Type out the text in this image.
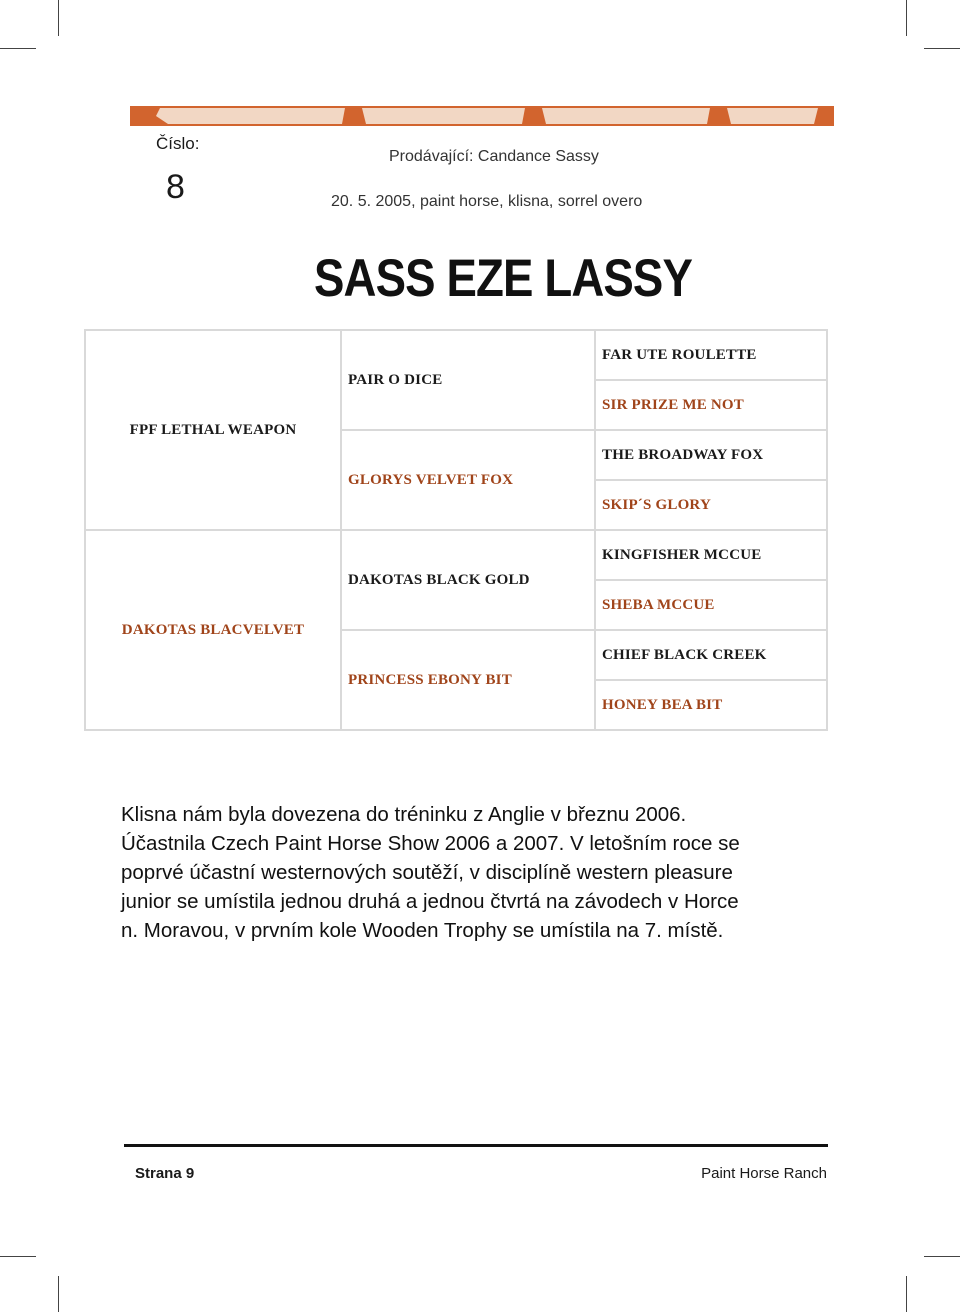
Číslo:
8
Prodávající: Candance Sassy
20. 5. 2005, paint horse, klisna, sorrel overo
SASS EZE LASSY
FPF LETHAL WEAPON	PAIR O DICE	FAR UTE ROULETTE
		SIR PRIZE ME NOT
	GLORYS VELVET FOX	THE BROADWAY FOX
		SKIP´S GLORY
DAKOTAS BLACVELVET	DAKOTAS BLACK GOLD	KINGFISHER MCCUE
		SHEBA MCCUE
	PRINCESS EBONY BIT	CHIEF BLACK CREEK
		HONEY BEA BIT

Klisna nám byla dovezena do tréninku z Anglie v březnu 2006.

Účastnila Czech Paint Horse Show 2006 a 2007. V letošním roce se

poprvé účastní westernových soutěží, v disciplíně western pleasure

junior se umístila jednou druhá a jednou čtvrtá na závodech v Horce

n. Moravou, v prvním kole Wooden Trophy se umístila na 7. místě.

Strana 9	Paint Horse Ranch
